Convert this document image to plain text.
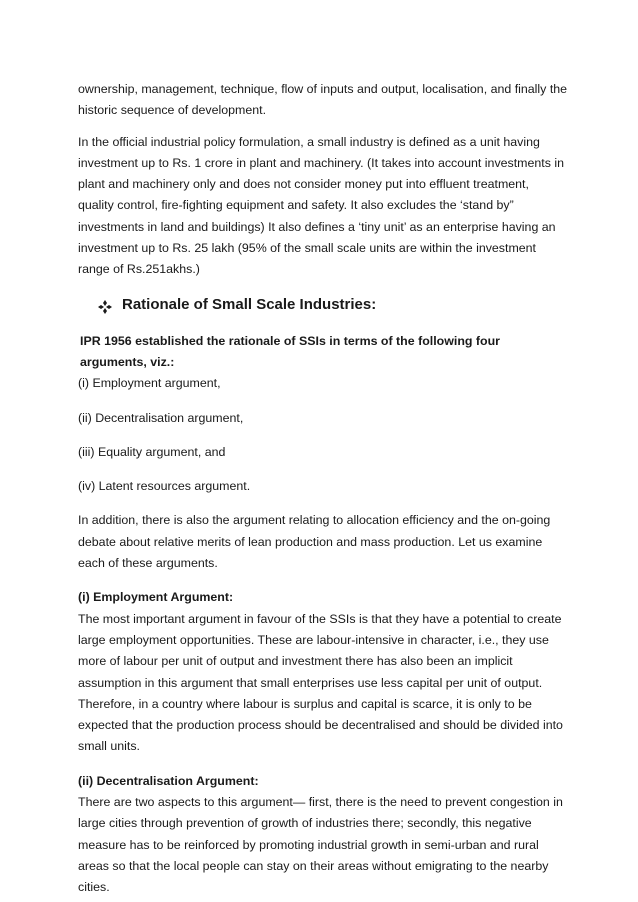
ownership, management, technique, flow of inputs and output, localisation, and finally the historic sequence of development.

In the official industrial policy formulation, a small industry is defined as a unit having investment up to Rs. 1 crore in plant and machinery. (It takes into account investments in plant and machinery only and does not consider money put into effluent treatment, quality control, fire-fighting equipment and safety. It also excludes the ‘stand by” investments in land and buildings) It also defines a ‘tiny unit’ as an enterprise having an investment up to Rs. 25 lakh (95% of the small scale units are within the investment range of Rs.251akhs.)

Rationale of Small Scale Industries:

IPR 1956 established the rationale of SSIs in terms of the following four arguments, viz.:

(i) Employment argument,

(ii) Decentralisation argument,

(iii) Equality argument, and

(iv) Latent resources argument.

In addition, there is also the argument relating to allocation efficiency and the on-going debate about relative merits of lean production and mass production. Let us examine each of these arguments.

(i) Employment Argument:

The most important argument in favour of the SSIs is that they have a potential to create large employment opportunities. These are labour-intensive in character, i.e., they use more of labour per unit of output and investment there has also been an implicit assumption in this argument that small enterprises use less capital per unit of output. Therefore, in a country where labour is surplus and capital is scarce, it is only to be expected that the production process should be decentralised and should be divided into small units.

(ii) Decentralisation Argument:

There are two aspects to this argument— first, there is the need to prevent congestion in large cities through prevention of growth of industries there; secondly, this negative measure has to be reinforced by promoting industrial growth in semi-urban and rural areas so that the local people can stay on their areas without emigrating to the nearby cities.
